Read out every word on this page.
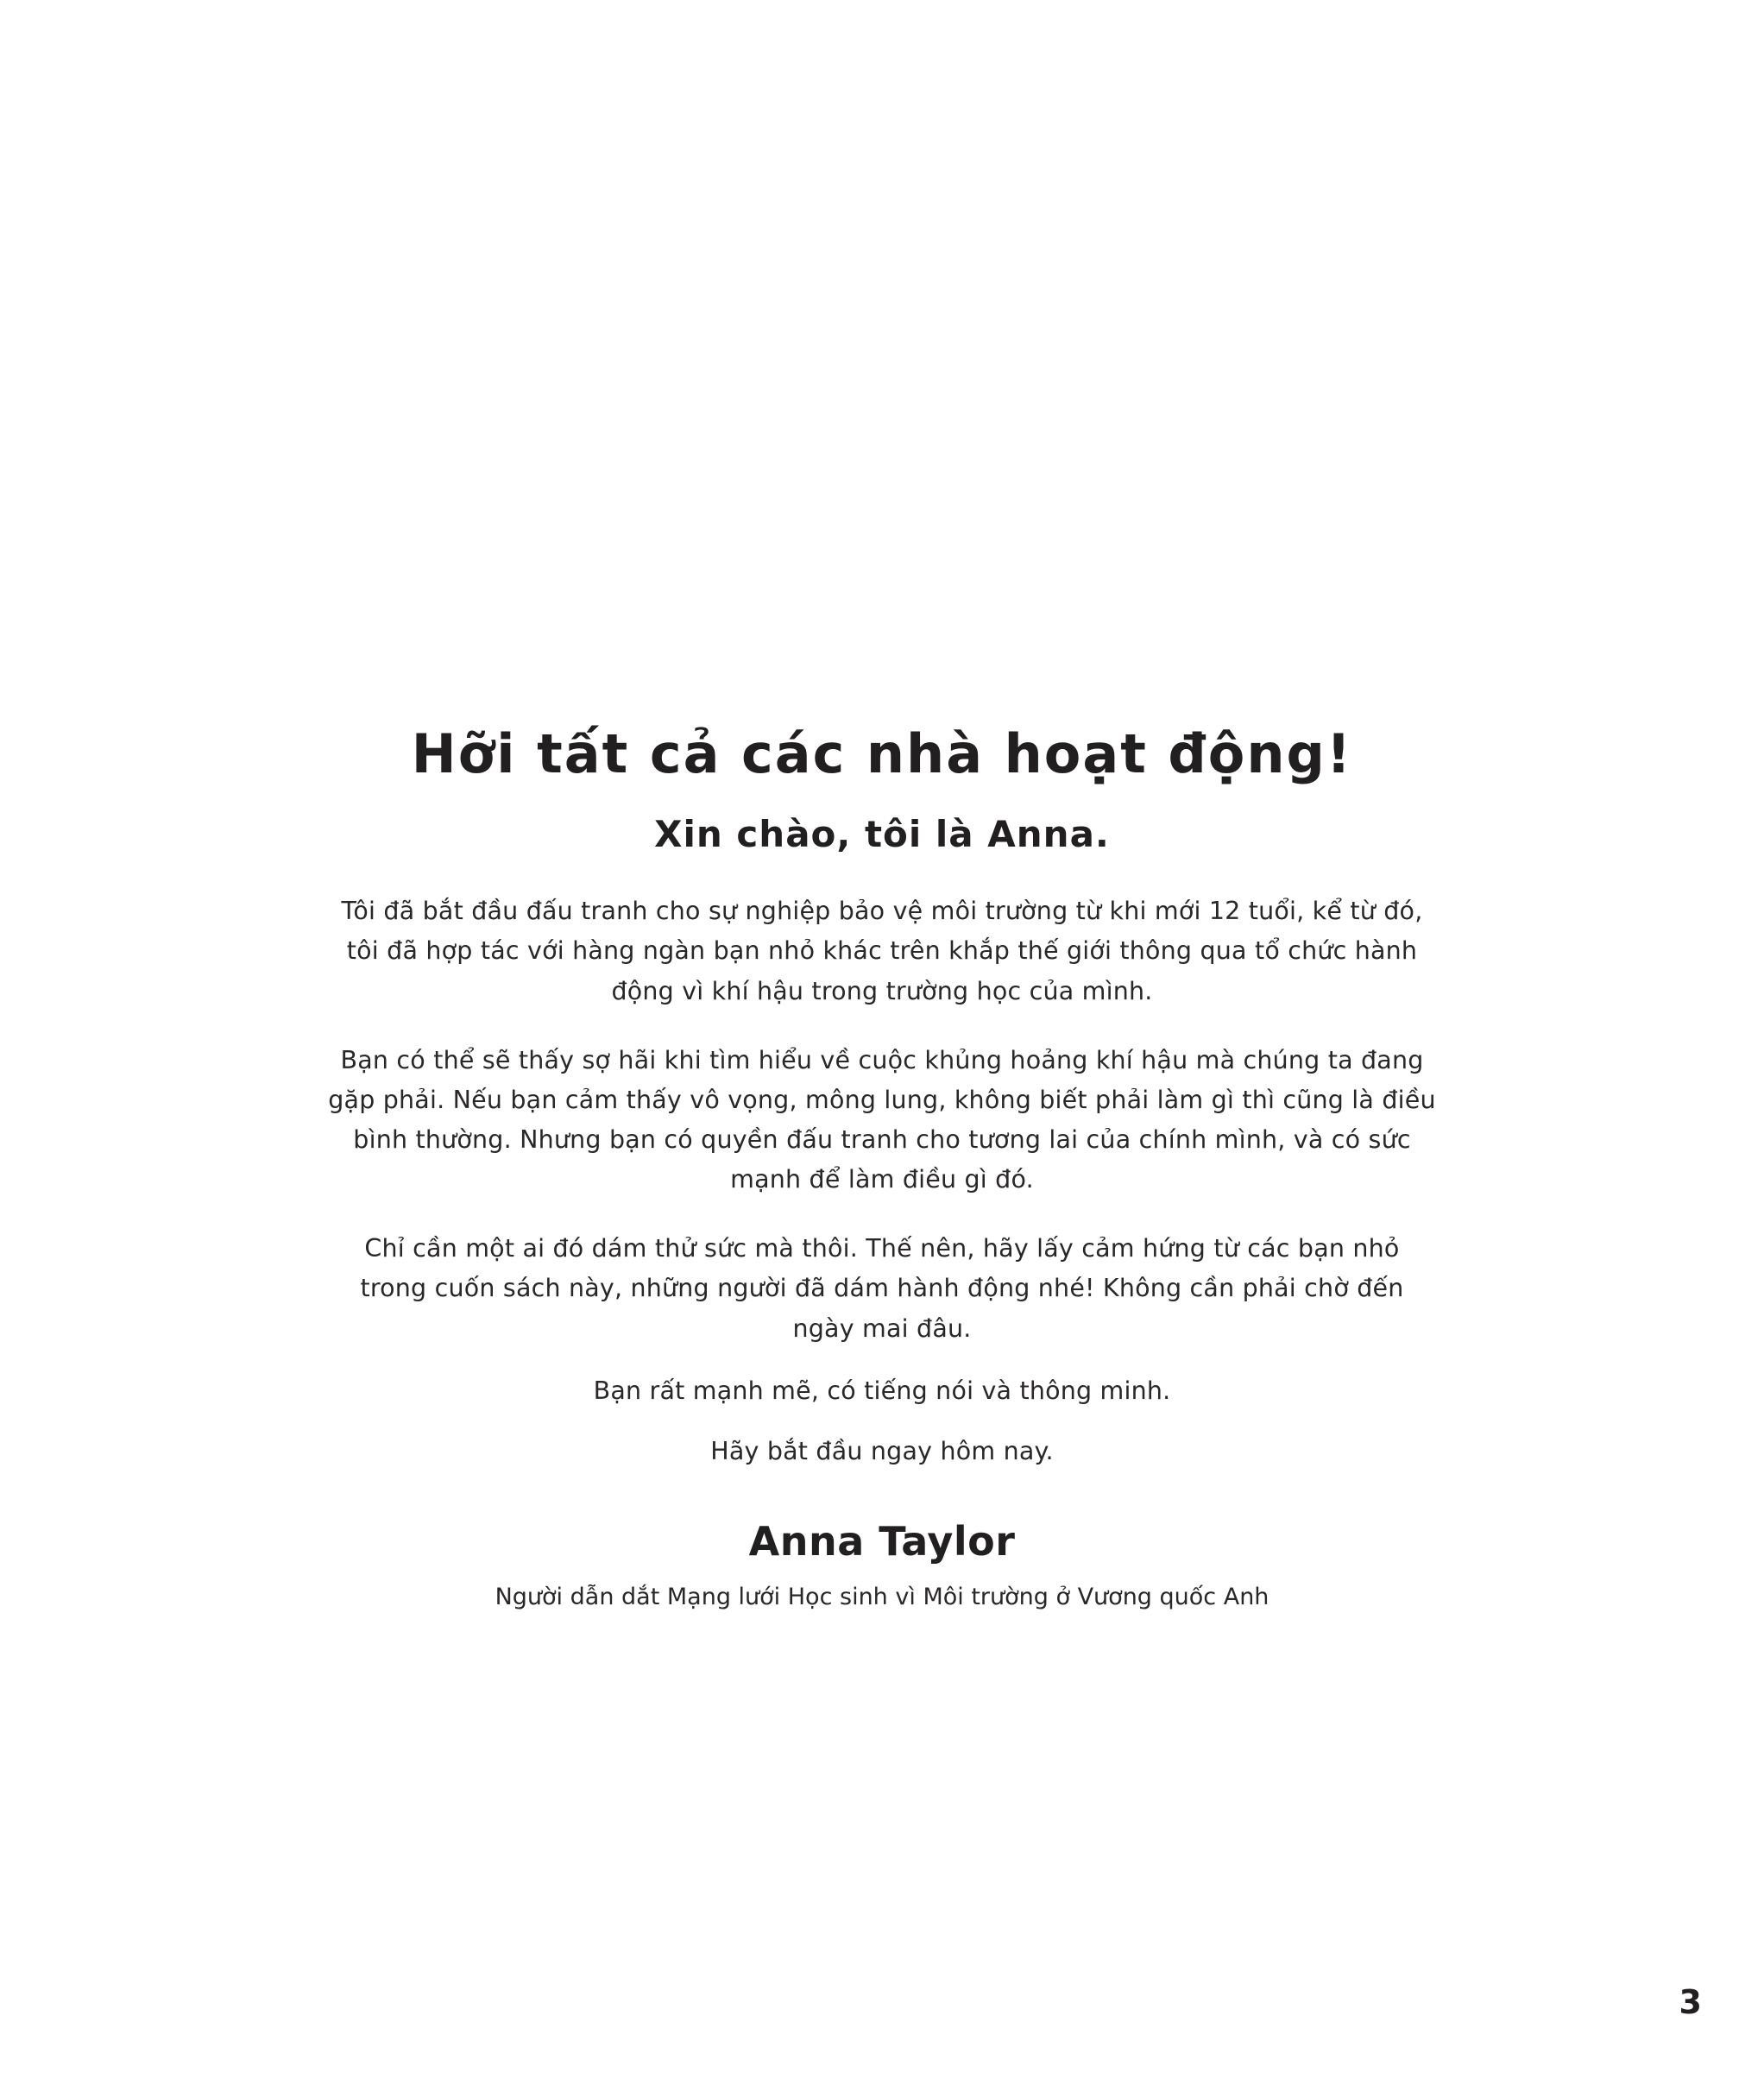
Hỡi tất cả các nhà hoạt động!
Xin chào, tôi là Anna.

Tôi đã bắt đầu đấu tranh cho sự nghiệp bảo vệ môi trường từ khi mới 12 tuổi, kể từ đó, tôi đã hợp tác với hàng ngàn bạn nhỏ khác trên khắp thế giới thông qua tổ chức hành động vì khí hậu trong trường học của mình.

Bạn có thể sẽ thấy sợ hãi khi tìm hiểu về cuộc khủng hoảng khí hậu mà chúng ta đang gặp phải. Nếu bạn cảm thấy vô vọng, mông lung, không biết phải làm gì thì cũng là điều bình thường. Nhưng bạn có quyền đấu tranh cho tương lai của chính mình, và có sức mạnh để làm điều gì đó.

Chỉ cần một ai đó dám thử sức mà thôi. Thế nên, hãy lấy cảm hứng từ các bạn nhỏ trong cuốn sách này, những người đã dám hành động nhé! Không cần phải chờ đến ngày mai đâu.

Bạn rất mạnh mẽ, có tiếng nói và thông minh.

Hãy bắt đầu ngay hôm nay.

Anna Taylor

Người dẫn dắt Mạng lưới Học sinh vì Môi trường ở Vương quốc Anh

3
